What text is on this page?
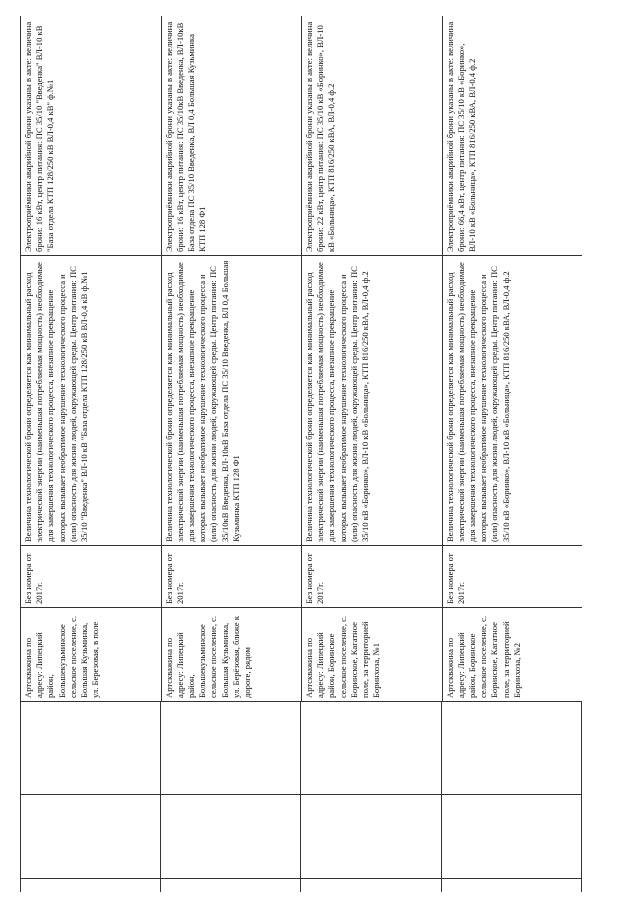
Артскважина по адресу: Липецкий район, Большекузьминское сельское поселение, с. Большая Кузьминка, ул. Березовая, в поле	Без номера от 2017г.	Величина технологической брони определяется как минимальный расход электрической энергии (наименьшая потребляемая мощность) необходимые для завершения технологического процесса, внезапное прекращение которых вызывает необратимое нарушение технологического процесса и (или) опасность для жизни людей, окружающей среды. Центр питания: ПС 35/10 "Введенка" ВЛ-10 кВ "База отдела КТП 128/250 кВ ВЛ-0,4 кВ ф.№1	Электроприёмники аварийной брони указаны в акте: величина брони: 16 кВт, центр питания: ПС 35/10 "Введенка" ВЛ-10 кВ "База отдела КТП 128/250 кВ ВЛ-0,4 кВ" ф.№1
Артскважина по адресу: Липецкий район, Большекузьминское сельское поселение, с. Большая Кузьминка, ул. Берёзовая, ближе к дороге, рядом	Без номера от 2017г.	Величина технологической брони определяется как минимальный расход электрической энергии (наименьшая потребляемая мощность) необходимые для завершения технологического процесса, внезапное прекращение которых вызывает необратимое нарушение технологического процесса и (или) опасность для жизни людей, окружающей среды. Центр питания: ПС 35/10кВ Введенка, ВЛ-10кВ База отдела ПС 35/10 Введенка, ВЛ 0,4 Большая Кузьминка КТП 128 Ф1	Электроприёмники аварийной брони указаны в акте: величина брони: 16 кВт, центр питания: ПС 35/10кВ Введенка, ВЛ-10кВ База отдела ПС 35/10 Введенка, ВЛ 0,4 Большая Кузьминка КТП 128 Ф1
Артскважина по адресу: Липецкий район, Боринское сельское поселение, с. Боринское, Кагатное поле, за территорией Боринхоза, №1	Без номера от 2017г.	Величина технологической брони определяется как минимальный расход электрической энергии (наименьшая потребляемая мощность) необходимые для завершения технологического процесса, внезапное прекращение которых вызывает необратимое нарушение технологического процесса и (или) опасность для жизни людей, окружающей среды. Центр питания: ПС 35/10 кВ «Боринко», ВЛ-10 кВ «Больница», КТП 816/250 кВА, ВЛ-0,4 ф.2	Электроприёмники аварийной брони указаны в акте: величина брони: 22 кВт, центр питания: ПС 35/10 кВ «Боринко», ВЛ-10 кВ «Больница», КТП 816/250 кВА, ВЛ-0,4 ф.2
Артскважина по адресу: Липецкий район, Боринское сельское поселение, с. Боринское, Кагатное поле, за территорией Боринхоза, №2	Без номера от 2017г.	Величина технологической брони определяется как минимальный расход электрической энергии (наименьшая потребляемая мощность) необходимые для завершения технологического процесса, внезапное прекращение которых вызывает необратимое нарушение технологического процесса и (или) опасность для жизни людей, окружающей среды. Центр питания: ПС 35/10 кВ «Боринко», ВЛ-10 кВ «Больница», КТП 816/250 кВА, ВЛ-0,4 ф.2	Электроприёмники аварийной брони указаны в акте: величина брони: 66,4 кВт, центр питания: ПС 35/10 кВ «Боринко», ВЛ-10 кВ «Больница», КТП 816/250 кВА, ВЛ-0,4 ф.2
